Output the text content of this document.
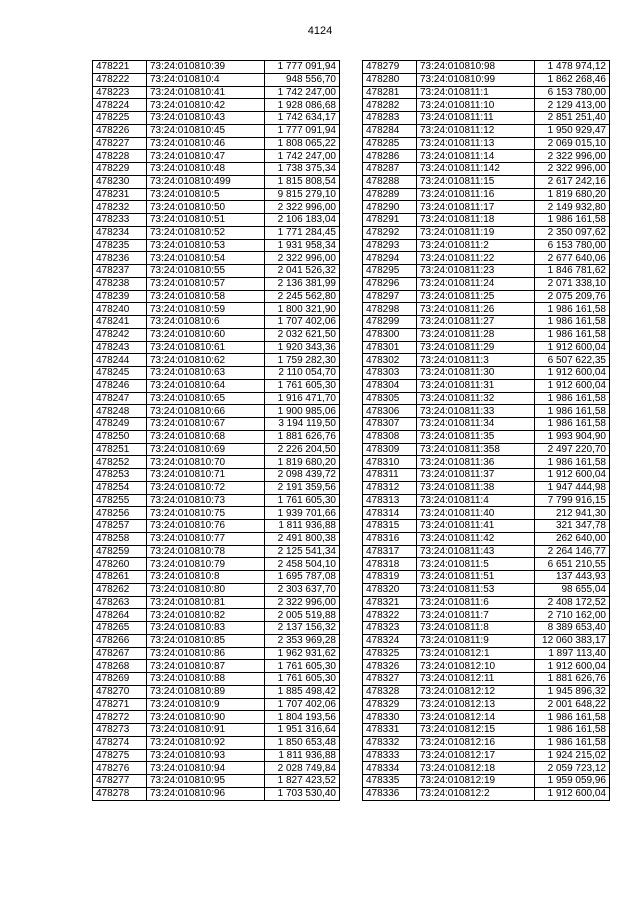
4124
478221	73:24:010810:39	1 777 091,94
478222	73:24:010810:4	948 556,70
478223	73:24:010810:41	1 742 247,00
478224	73:24:010810:42	1 928 086,68
478225	73:24:010810:43	1 742 634,17
478226	73:24:010810:45	1 777 091,94
478227	73:24:010810:46	1 808 065,22
478228	73:24:010810:47	1 742 247,00
478229	73:24:010810:48	1 738 375,34
478230	73:24:010810:499	1 815 808,54
478231	73:24:010810:5	9 815 279,10
478232	73:24:010810:50	2 322 996,00
478233	73:24:010810:51	2 106 183,04
478234	73:24:010810:52	1 771 284,45
478235	73:24:010810:53	1 931 958,34
478236	73:24:010810:54	2 322 996,00
478237	73:24:010810:55	2 041 526,32
478238	73:24:010810:57	2 136 381,99
478239	73:24:010810:58	2 245 562,80
478240	73:24:010810:59	1 800 321,90
478241	73:24:010810:6	1 707 402,06
478242	73:24:010810:60	2 032 621,50
478243	73:24:010810:61	1 920 343,36
478244	73:24:010810:62	1 759 282,30
478245	73:24:010810:63	2 110 054,70
478246	73:24:010810:64	1 761 605,30
478247	73:24:010810:65	1 916 471,70
478248	73:24:010810:66	1 900 985,06
478249	73:24:010810:67	3 194 119,50
478250	73:24:010810:68	1 881 626,76
478251	73:24:010810:69	2 226 204,50
478252	73:24:010810:70	1 819 680,20
478253	73:24:010810:71	2 098 439,72
478254	73:24:010810:72	2 191 359,56
478255	73:24:010810:73	1 761 605,30
478256	73:24:010810:75	1 939 701,66
478257	73:24:010810:76	1 811 936,88
478258	73:24:010810:77	2 491 800,38
478259	73:24:010810:78	2 125 541,34
478260	73:24:010810:79	2 458 504,10
478261	73:24:010810:8	1 695 787,08
478262	73:24:010810:80	2 303 637,70
478263	73:24:010810:81	2 322 996,00
478264	73:24:010810:82	2 005 519,88
478265	73:24:010810:83	2 137 156,32
478266	73:24:010810:85	2 353 969,28
478267	73:24:010810:86	1 962 931,62
478268	73:24:010810:87	1 761 605,30
478269	73:24:010810:88	1 761 605,30
478270	73:24:010810:89	1 885 498,42
478271	73:24:010810:9	1 707 402,06
478272	73:24:010810:90	1 804 193,56
478273	73:24:010810:91	1 951 316,64
478274	73:24:010810:92	1 850 653,48
478275	73:24:010810:93	1 811 936,88
478276	73:24:010810:94	2 028 749,84
478277	73:24:010810:95	1 827 423,52
478278	73:24:010810:96	1 703 530,40
478279	73:24:010810:98	1 478 974,12
478280	73:24:010810:99	1 862 268,46
478281	73:24:010811:1	6 153 780,00
478282	73:24:010811:10	2 129 413,00
478283	73:24:010811:11	2 851 251,40
478284	73:24:010811:12	1 950 929,47
478285	73:24:010811:13	2 069 015,10
478286	73:24:010811:14	2 322 996,00
478287	73:24:010811:142	2 322 996,00
478288	73:24:010811:15	2 617 242,16
478289	73:24:010811:16	1 819 680,20
478290	73:24:010811:17	2 149 932,80
478291	73:24:010811:18	1 986 161,58
478292	73:24:010811:19	2 350 097,62
478293	73:24:010811:2	6 153 780,00
478294	73:24:010811:22	2 677 640,06
478295	73:24:010811:23	1 846 781,62
478296	73:24:010811:24	2 071 338,10
478297	73:24:010811:25	2 075 209,76
478298	73:24:010811:26	1 986 161,58
478299	73:24:010811:27	1 986 161,58
478300	73:24:010811:28	1 986 161,58
478301	73:24:010811:29	1 912 600,04
478302	73:24:010811:3	6 507 622,35
478303	73:24:010811:30	1 912 600,04
478304	73:24:010811:31	1 912 600,04
478305	73:24:010811:32	1 986 161,58
478306	73:24:010811:33	1 986 161,58
478307	73:24:010811:34	1 986 161,58
478308	73:24:010811:35	1 993 904,90
478309	73:24:010811:358	2 497 220,70
478310	73:24:010811:36	1 986 161,58
478311	73:24:010811:37	1 912 600,04
478312	73:24:010811:38	1 947 444,98
478313	73:24:010811:4	7 799 916,15
478314	73:24:010811:40	212 941,30
478315	73:24:010811:41	321 347,78
478316	73:24:010811:42	262 640,00
478317	73:24:010811:43	2 264 146,77
478318	73:24:010811:5	6 651 210,55
478319	73:24:010811:51	137 443,93
478320	73:24:010811:53	98 655,04
478321	73:24:010811:6	2 408 172,52
478322	73:24:010811:7	2 710 162,00
478323	73:24:010811:8	8 389 653,40
478324	73:24:010811:9	12 060 383,17
478325	73:24:010812:1	1 897 113,40
478326	73:24:010812:10	1 912 600,04
478327	73:24:010812:11	1 881 626,76
478328	73:24:010812:12	1 945 896,32
478329	73:24:010812:13	2 001 648,22
478330	73:24:010812:14	1 986 161,58
478331	73:24:010812:15	1 986 161,58
478332	73:24:010812:16	1 986 161,58
478333	73:24:010812:17	1 924 215,02
478334	73:24:010812:18	2 059 723,12
478335	73:24:010812:19	1 959 059,96
478336	73:24:010812:2	1 912 600,04
